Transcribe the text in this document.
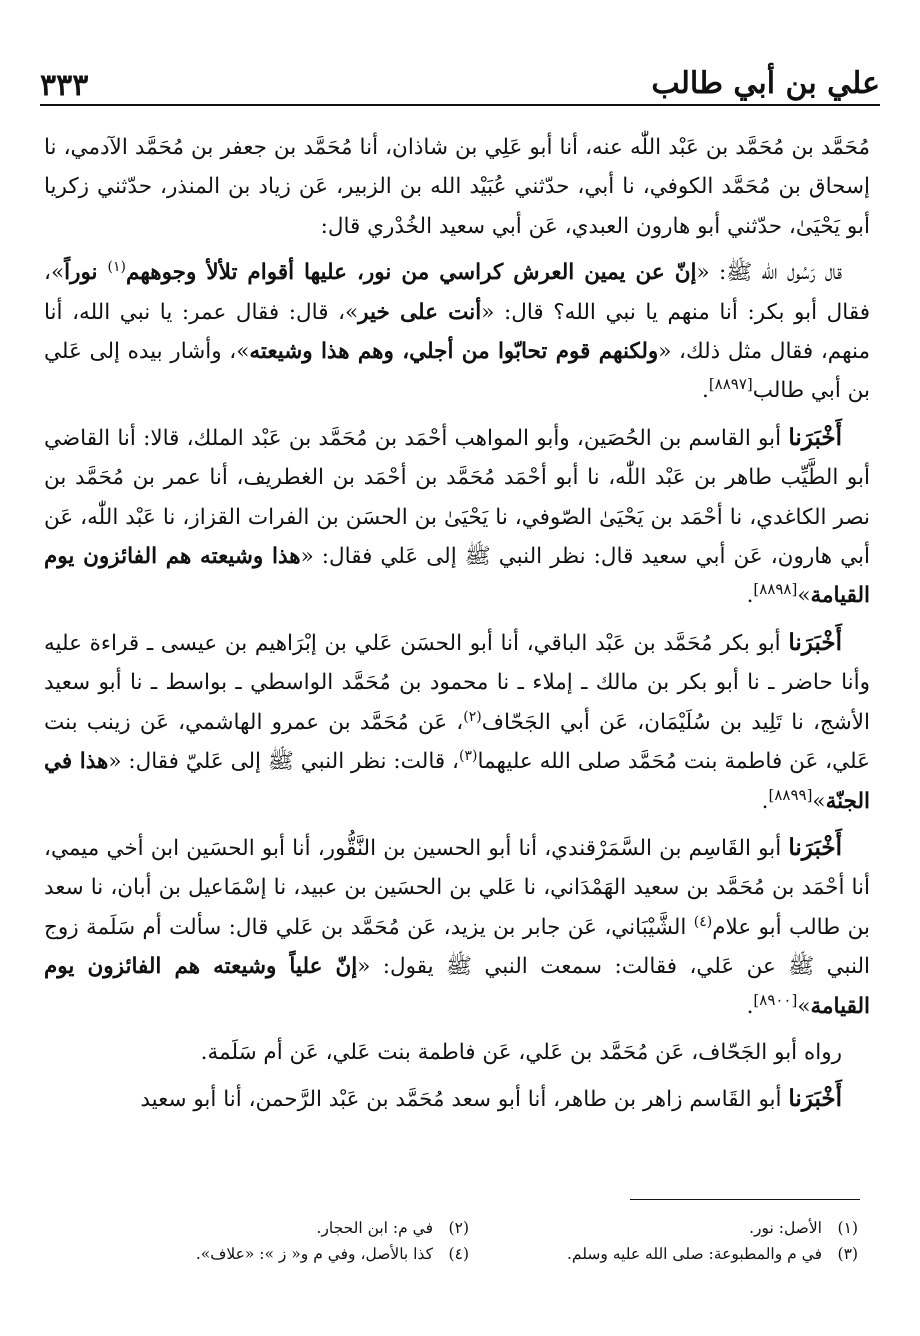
٣٣٣	علي بن أبي طالب

مُحَمَّد بن مُحَمَّد بن عَبْد اللّٰه عنه، أنا أبو عَلِي بن شاذان، أنا مُحَمَّد بن جعفر بن مُحَمَّد الآدمي، نا إسحاق بن مُحَمَّد الكوفي، نا أبي، حدّثني عُبَيْد الله بن الزبير، عَن زياد بن المنذر، حدّثني زكريا أبو يَحْيَىٰ، حدّثني أبو هارون العبدي، عَن أبي سعيد الخُدْري قال:

قال رَسُول الله ﷺ: «إنّ عن يمين العرش كراسي من نور، عليها أقوام تلألأ وجوههم$^{(١)}$ نوراً»، فقال أبو بكر: أنا منهم يا نبي الله؟ قال: «أنت على خير»، قال: فقال عمر: يا نبي الله، أنا منهم، فقال مثل ذلك، «ولكنهم قوم تحابّوا من أجلي، وهم هذا وشيعته»، وأشار بيده إلى عَلي بن أبي طالب[٨٨٩٧].

أَخْبَرَنا أبو القاسم بن الحُصَين، وأبو المواهب أحْمَد بن مُحَمَّد بن عَبْد الملك، قالا: أنا القاضي أبو الطَّيِّب طاهر بن عَبْد اللّٰه، نا أبو أحْمَد مُحَمَّد بن أحْمَد بن الغطريف، أنا عمر بن مُحَمَّد بن نصر الكاغدي، نا أحْمَد بن يَحْيَىٰ الصّوفي، نا يَحْيَىٰ بن الحسَن بن الفرات القزاز، نا عَبْد اللّٰه، عَن أبي هارون، عَن أبي سعيد قال: نظر النبي ﷺ إلى عَلي فقال: «هذا وشيعته هم الفائزون يوم القيامة»[٨٨٩٨].

أَخْبَرَنا أبو بكر مُحَمَّد بن عَبْد الباقي، أنا أبو الحسَن عَلي بن إبْرَاهيم بن عيسى ـ قراءة عليه وأنا حاضر ـ نا أبو بكر بن مالك ـ إملاء ـ نا محمود بن مُحَمَّد الواسطي ـ بواسط ـ نا أبو سعيد الأشج، نا تَلِيد بن سُلَيْمَان، عَن أبي الجَحّاف$^{(٢)}$، عَن مُحَمَّد بن عمرو الهاشمي، عَن زينب بنت عَلي، عَن فاطمة بنت مُحَمَّد صلى الله عليهما$^{(٣)}$، قالت: نظر النبي ﷺ إلى عَليّ فقال: «هذا في الجنّة»[٨٨٩٩].

أَخْبَرَنا أبو القَاسِم بن السَّمَرْقندي، أنا أبو الحسين بن النَّقُّور، أنا أبو الحسَين ابن أخي ميمي، أنا أحْمَد بن مُحَمَّد بن سعيد الهَمْدَاني، نا عَلي بن الحسَين بن عبيد، نا إسْمَاعيل بن أبان، نا سعد بن طالب أبو علام$^{(٤)}$ الشَّيْبَاني، عَن جابر بن يزيد، عَن مُحَمَّد بن عَلي قال: سألت أم سَلَمة زوج النبي ﷺ عن عَلي، فقالت: سمعت النبي ﷺ يقول: «إنّ علياً وشيعته هم الفائزون يوم القيامة»[٨٩٠٠].

رواه أبو الجَحّاف، عَن مُحَمَّد بن عَلي، عَن فاطمة بنت عَلي، عَن أم سَلَمة.

أَخْبَرَنا أبو القَاسم زاهر بن طاهر، أنا أبو سعد مُحَمَّد بن عَبْد الرَّحمن، أنا أبو سعيد

(١)الأصل: نور.
(٢)في م: ابن الحجار.
(٣)في م والمطبوعة: صلى الله عليه وسلم.
(٤)كذا بالأصل، وفي م و« ز »: «علاف».
